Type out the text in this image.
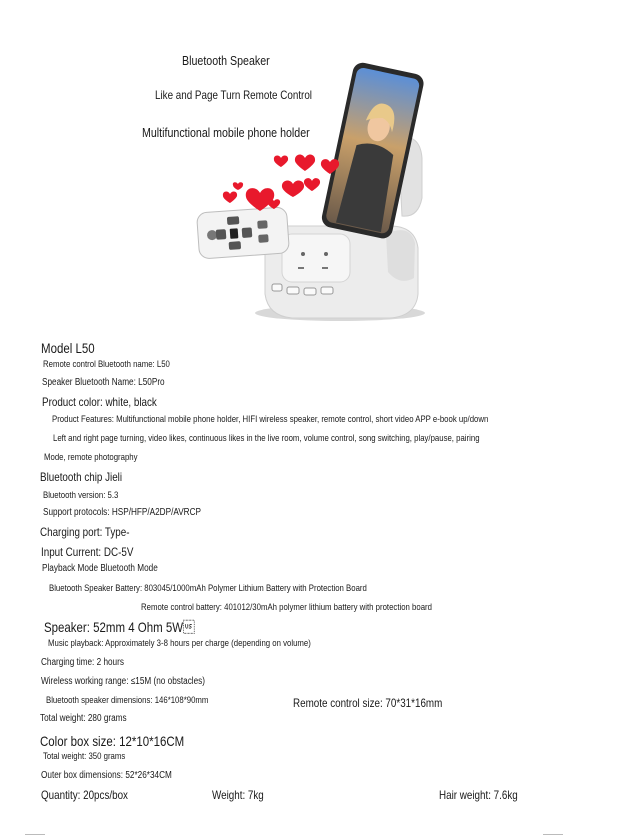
Bluetooth Speaker
Like and Page Turn Remote Control
Multifunctional mobile phone holder
Model L50
Remote control Bluetooth name: L50
Speaker Bluetooth Name: L50Pro
Product color: white, black
Product Features: Multifunctional mobile phone holder, HIFI wireless speaker, remote control, short video APP e-book up/down
Left and right page turning, video likes, continuous likes in the live room, volume control, song switching, play/pause, pairing
Mode, remote photography
Bluetooth chip Jieli
Bluetooth version: 5.3
Support protocols: HSP/HFP/A2DP/AVRCP
Charging port: Type-
Input Current: DC-5V
Playback Mode Bluetooth Mode
Bluetooth Speaker Battery: 803045/1000mAh Polymer Lithium Battery with Protection Board
Remote control battery: 401012/30mAh polymer lithium battery with protection board
Speaker: 52mm 4 Ohm 5W
Music playback: Approximately 3-8 hours per charge (depending on volume)
Charging time: 2 hours
Wireless working range: ≤15M (no obstacles)
Bluetooth speaker dimensions: 146*108*90mm	Remote control size: 70*31*16mm
Total weight: 280 grams
Color box size: 12*10*16CM
Total weight: 350 grams
Outer box dimensions: 52*26*34CM
Quantity: 20pcs/box	Weight: 7kg	Hair weight: 7.6kg
